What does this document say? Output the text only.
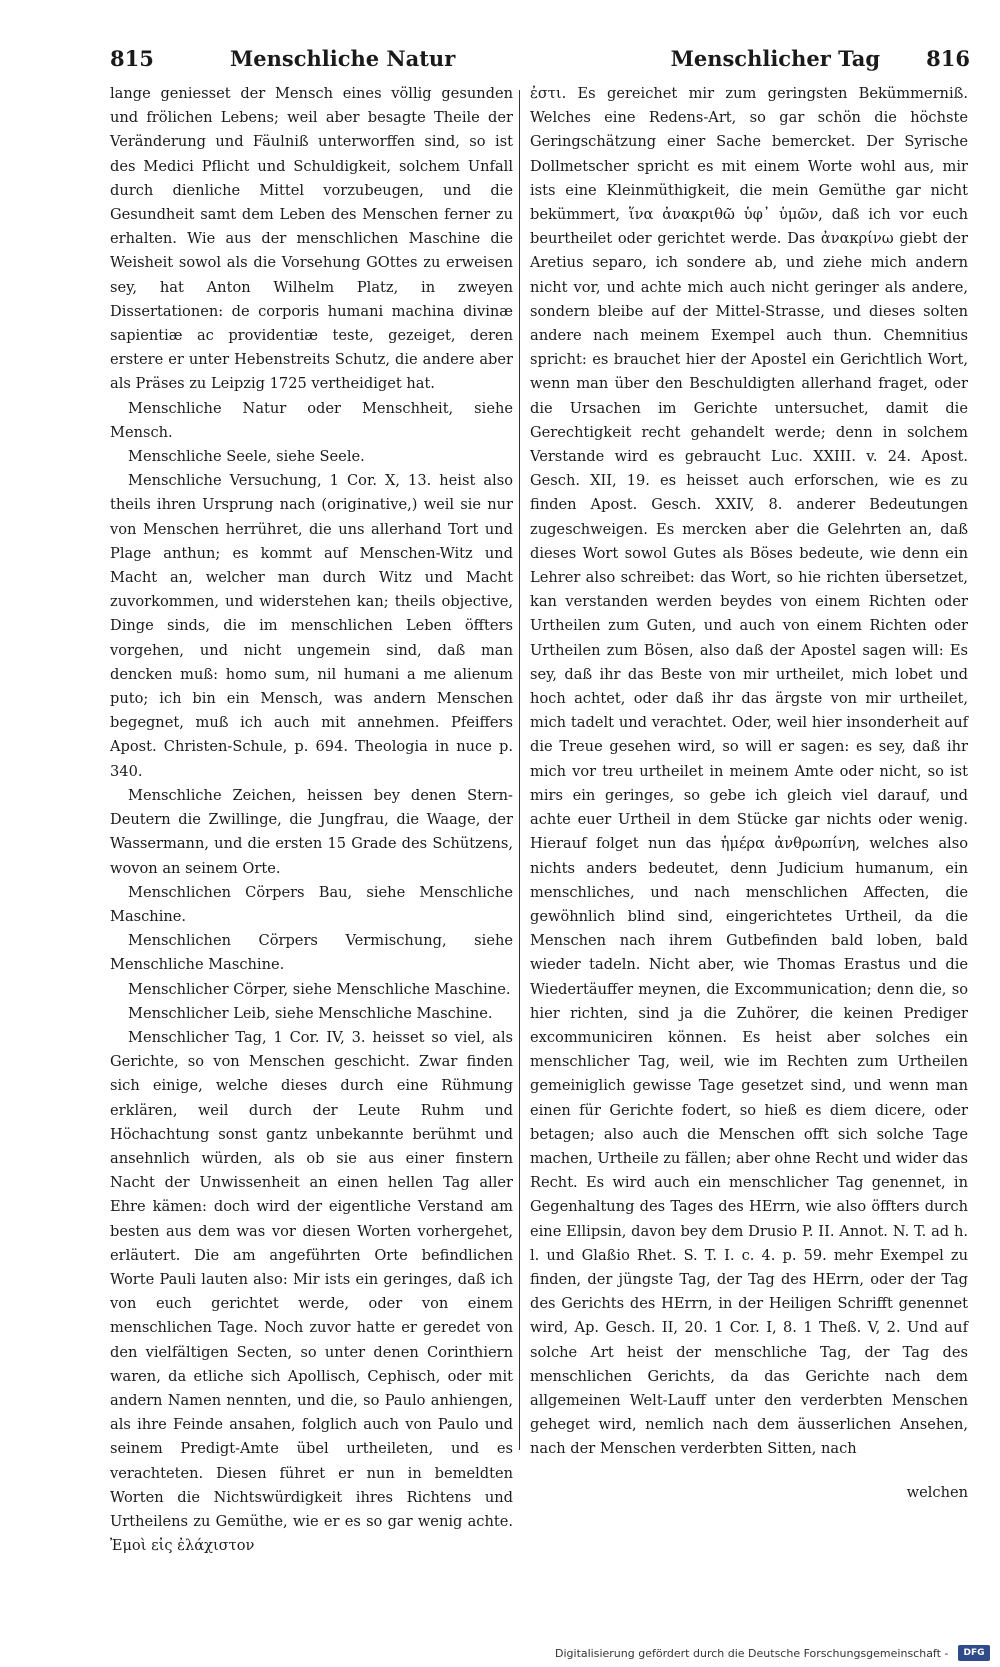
815	Menschliche Natur	Menschlicher Tag 816

lange geniesset der Mensch eines völlig gesunden und frölichen Lebens; weil aber besagte Theile der Veränderung und Fäulniß unterworffen sind, so ist des Medici Pflicht und Schuldigkeit, solchem Unfall durch dienliche Mittel vorzubeugen, und die Gesundheit samt dem Leben des Menschen ferner zu erhalten. Wie aus der menschlichen Maschine die Weisheit sowol als die Vorsehung GOttes zu erweisen sey, hat Anton Wilhelm Platz, in zweyen Dissertationen: de corporis humani machina divinæ sapientiæ ac providentiæ teste, gezeiget, deren erstere er unter Hebenstreits Schutz, die andere aber als Präses zu Leipzig 1725 vertheidiget hat.

Menschliche Natur oder Menschheit, siehe Mensch.

Menschliche Seele, siehe Seele.

Menschliche Versuchung, 1 Cor. X, 13. heist also theils ihren Ursprung nach (originative,) weil sie nur von Menschen herrühret, die uns allerhand Tort und Plage anthun; es kommt auf Menschen-Witz und Macht an, welcher man durch Witz und Macht zuvorkommen, und widerstehen kan; theils objective, Dinge sinds, die im menschlichen Leben öffters vorgehen, und nicht ungemein sind, daß man dencken muß: homo sum, nil humani a me alienum puto; ich bin ein Mensch, was andern Menschen begegnet, muß ich auch mit annehmen. Pfeiffers Apost. Christen-Schule, p. 694. Theologia in nuce p. 340.

Menschliche Zeichen, heissen bey denen Stern-Deutern die Zwillinge, die Jungfrau, die Waage, der Wassermann, und die ersten 15 Grade des Schützens, wovon an seinem Orte.

Menschlichen Cörpers Bau, siehe Menschliche Maschine.

Menschlichen Cörpers Vermischung, siehe Menschliche Maschine.

Menschlicher Cörper, siehe Menschliche Maschine.

Menschlicher Leib, siehe Menschliche Maschine.

Menschlicher Tag, 1 Cor. IV, 3. heisset so viel, als Gerichte, so von Menschen geschicht. Zwar finden sich einige, welche dieses durch eine Rühmung erklären, weil durch der Leute Ruhm und Höchachtung sonst gantz unbekannte berühmt und ansehnlich würden, als ob sie aus einer finstern Nacht der Unwissenheit an einen hellen Tag aller Ehre kämen: doch wird der eigentliche Verstand am besten aus dem was vor diesen Worten vorhergehet, erläutert. Die am angeführten Orte befindlichen Worte Pauli lauten also: Mir ists ein geringes, daß ich von euch gerichtet werde, oder von einem menschlichen Tage. Noch zuvor hatte er geredet von den vielfältigen Secten, so unter denen Corinthiern waren, da etliche sich Apollisch, Cephisch, oder mit andern Namen nennten, und die, so Paulo anhiengen, als ihre Feinde ansahen, folglich auch von Paulo und seinem Predigt-Amte übel urtheileten, und es verachteten. Diesen führet er nun in bemeldten Worten die Nichtswürdigkeit ihres Richtens und Urtheilens zu Gemüthe, wie er es so gar wenig achte. Ἐμοὶ εἰς ἐλάχιστον

ἐστι. Es gereichet mir zum geringsten Bekümmerniß. Welches eine Redens-Art, so gar schön die höchste Geringschätzung einer Sache bemercket. Der Syrische Dollmetscher spricht es mit einem Worte wohl aus, mir ists eine Kleinmüthigkeit, die mein Gemüthe gar nicht bekümmert, ἵνα ἀνακριθῶ ὑφ᾽ ὑμῶν, daß ich vor euch beurtheilet oder gerichtet werde. Das ἀνακρίνω giebt der Aretius separo, ich sondere ab, und ziehe mich andern nicht vor, und achte mich auch nicht geringer als andere, sondern bleibe auf der Mittel-Strasse, und dieses solten andere nach meinem Exempel auch thun. Chemnitius spricht: es brauchet hier der Apostel ein Gerichtlich Wort, wenn man über den Beschuldigten allerhand fraget, oder die Ursachen im Gerichte untersuchet, damit die Gerechtigkeit recht gehandelt werde; denn in solchem Verstande wird es gebraucht Luc. XXIII. v. 24. Apost. Gesch. XII, 19. es heisset auch erforschen, wie es zu finden Apost. Gesch. XXIV, 8. anderer Bedeutungen zugeschweigen. Es mercken aber die Gelehrten an, daß dieses Wort sowol Gutes als Böses bedeute, wie denn ein Lehrer also schreibet: das Wort, so hie richten übersetzet, kan verstanden werden beydes von einem Richten oder Urtheilen zum Guten, und auch von einem Richten oder Urtheilen zum Bösen, also daß der Apostel sagen will: Es sey, daß ihr das Beste von mir urtheilet, mich lobet und hoch achtet, oder daß ihr das ärgste von mir urtheilet, mich tadelt und verachtet. Oder, weil hier insonderheit auf die Treue gesehen wird, so will er sagen: es sey, daß ihr mich vor treu urtheilet in meinem Amte oder nicht, so ist mirs ein geringes, so gebe ich gleich viel darauf, und achte euer Urtheil in dem Stücke gar nichts oder wenig. Hierauf folget nun das ἡμέρα ἀνθρωπίνη, welches also nichts anders bedeutet, denn Judicium humanum, ein menschliches, und nach menschlichen Affecten, die gewöhnlich blind sind, eingerichtetes Urtheil, da die Menschen nach ihrem Gutbefinden bald loben, bald wieder tadeln. Nicht aber, wie Thomas Erastus und die Wiedertäuffer meynen, die Excommunication; denn die, so hier richten, sind ja die Zuhörer, die keinen Prediger excommuniciren können. Es heist aber solches ein menschlicher Tag, weil, wie im Rechten zum Urtheilen gemeiniglich gewisse Tage gesetzet sind, und wenn man einen für Gerichte fodert, so hieß es diem dicere, oder betagen; also auch die Menschen offt sich solche Tage machen, Urtheile zu fällen; aber ohne Recht und wider das Recht. Es wird auch ein menschlicher Tag genennet, in Gegenhaltung des Tages des HErrn, wie also öffters durch eine Ellipsin, davon bey dem Drusio P. II. Annot. N. T. ad h. l. und Glaßio Rhet. S. T. I. c. 4. p. 59. mehr Exempel zu finden, der jüngste Tag, der Tag des HErrn, oder der Tag des Gerichts des HErrn, in der Heiligen Schrifft genennet wird, Ap. Gesch. II, 20. 1 Cor. I, 8. 1 Theß. V, 2. Und auf solche Art heist der menschliche Tag, der Tag des menschlichen Gerichts, da das Gerichte nach dem allgemeinen Welt-Lauff unter den verderbten Menschen geheget wird, nemlich nach dem äusserlichen Ansehen, nach der Menschen verderbten Sitten, nach

welchen
Digitalisierung gefördert durch die Deutsche Forschungsgemeinschaft -	DFG
